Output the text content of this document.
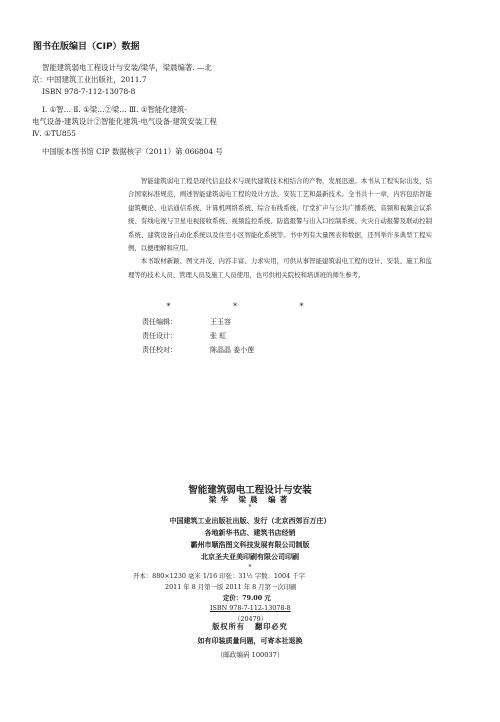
图书在版编目（CIP）数据
智能建筑弱电工程设计与安装/梁华，梁晨编著. —北
京：中国建筑工业出版社，2011.7
ISBN 978-7-112-13078-8
Ⅰ. ①智… Ⅱ. ①梁…②梁… Ⅲ. ①智能化建筑-
电气设备-建筑设计②智能化建筑-电气设备-建筑安装工程
Ⅳ. ①TU855
中国版本图书馆 CIP 数据核字（2011）第 066804 号

智能建筑弱电工程是现代信息技术与现代建筑技术相结合的产物，发展迅速。本书从工程实际出发，结合国家标准规范，阐述智能建筑弱电工程的设计方法、安装工艺和最新技术。全书共十一章，内容包括智能建筑概论、电话通信系统、计算机网络系统、综合布线系统、厅堂扩声与公共广播系统、音频和视频会议系统、有线电视与卫星电视接收系统、视频监控系统、防盗报警与出入口控制系统、火灾自动报警及联动控制系统、建筑设备自动化系统以及住宅小区智能化系统等。书中列有大量图表和数据，还列举许多典型工程实例，以便理解和应用。

本书取材新颖、图文并茂、内容丰富、力求实用，可供从事智能建筑弱电工程的设计、安装、施工和监理等的技术人员、管理人员及施工人员使用，也可供相关院校和培训班的师生参考。

* * *
责任编辑：	王玉容
责任设计：	张 虹
责任校对：	陈晶晶 姜小莲
智能建筑弱电工程设计与安装
梁华 梁晨 编著
*
中国建筑工业出版社出版、发行（北京西郊百万庄）
各地新华书店、建筑书店经销
霸州市顺浩图文科技发展有限公司制版
北京圣夫亚美印刷有限公司印刷
*
开本：880×1230 毫米 1/16 印张：31½ 字数：1004 千字
2011 年 8 月第一版 2011 年 8 月第一次印刷
定价：79.00 元
ISBN 978-7-112-13078-8
（20479）
版权所有 翻印必究
如有印装质量问题，可寄本社退换
（邮政编码 100037）
